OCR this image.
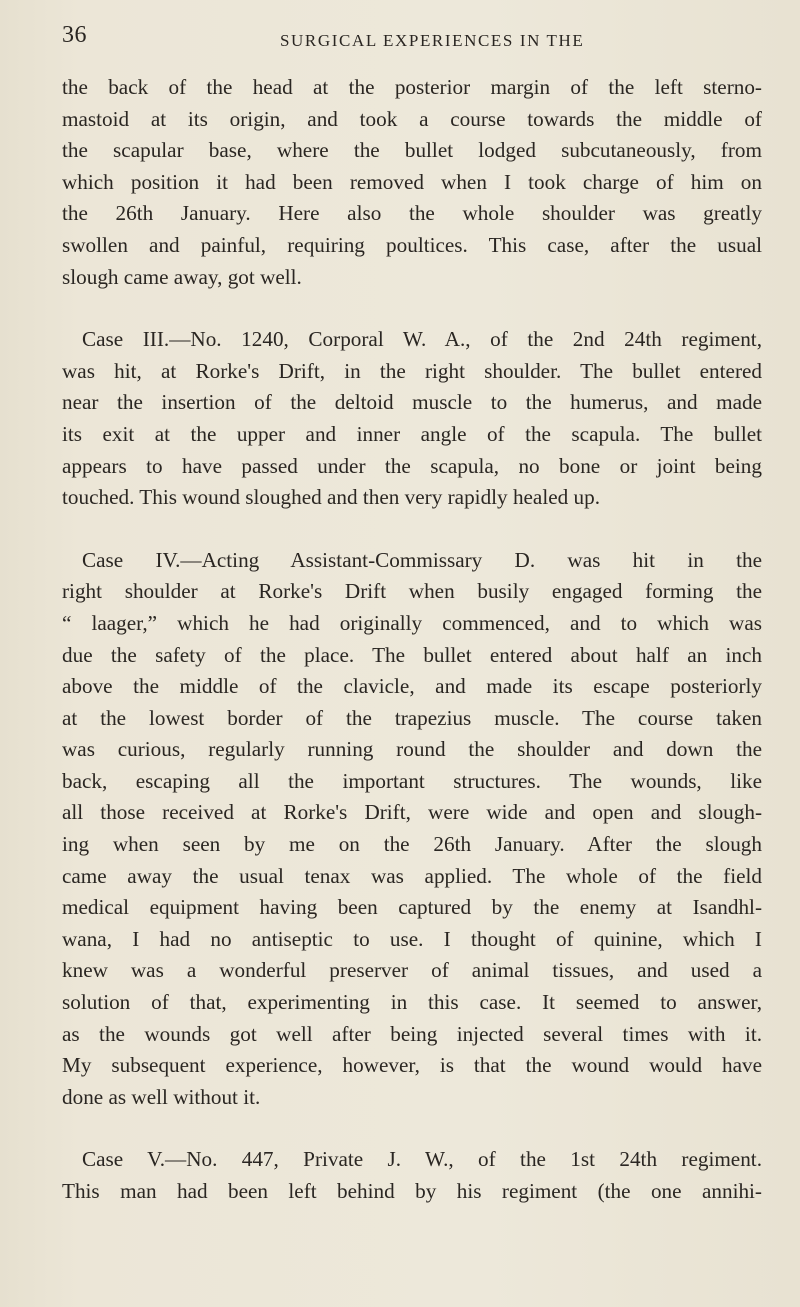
36	SURGICAL EXPERIENCES IN THE
the back of the head at the posterior margin of the left sterno-
mastoid at its origin, and took a course towards the middle of
the scapular base, where the bullet lodged subcutaneously, from
which position it had been removed when I took charge of him on
the 26th January. Here also the whole shoulder was greatly
swollen and painful, requiring poultices. This case, after the usual
slough came away, got well.
Case III.—No. 1240, Corporal W. A., of the 2nd 24th regiment,
was hit, at Rorke's Drift, in the right shoulder. The bullet entered
near the insertion of the deltoid muscle to the humerus, and made
its exit at the upper and inner angle of the scapula. The bullet
appears to have passed under the scapula, no bone or joint being
touched. This wound sloughed and then very rapidly healed up.
Case IV.—Acting Assistant-Commissary D. was hit in the
right shoulder at Rorke's Drift when busily engaged forming the
“ laager,” which he had originally commenced, and to which was
due the safety of the place. The bullet entered about half an inch
above the middle of the clavicle, and made its escape posteriorly
at the lowest border of the trapezius muscle. The course taken
was curious, regularly running round the shoulder and down the
back, escaping all the important structures. The wounds, like
all those received at Rorke's Drift, were wide and open and slough-
ing when seen by me on the 26th January. After the slough
came away the usual tenax was applied. The whole of the field
medical equipment having been captured by the enemy at Isandhl-
wana, I had no antiseptic to use. I thought of quinine, which I
knew was a wonderful preserver of animal tissues, and used a
solution of that, experimenting in this case. It seemed to answer,
as the wounds got well after being injected several times with it.
My subsequent experience, however, is that the wound would have
done as well without it.
Case V.—No. 447, Private J. W., of the 1st 24th regiment.
This man had been left behind by his regiment (the one annihi-
